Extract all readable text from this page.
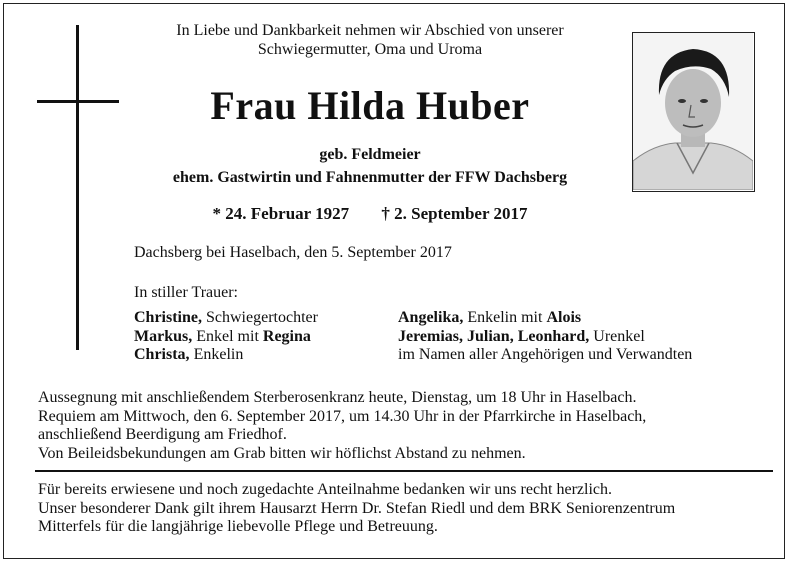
In Liebe und Dankbarkeit nehmen wir Abschied von unserer
Schwiegermutter, Oma und Uroma
Frau Hilda Huber
geb. Feldmeier
ehem. Gastwirtin und Fahnenmutter der FFW Dachsberg
* 24. Februar 1927 † 2. September 2017
Dachsberg bei Haselbach, den 5. September 2017
In stiller Trauer:
Christine, Schwiegertochter
Markus, Enkel mit Regina
Christa, Enkelin
Angelika, Enkelin mit Alois
Jeremias, Julian, Leonhard, Urenkel
im Namen aller Angehörigen und Verwandten
Aussegnung mit anschließendem Sterberosenkranz heute, Dienstag, um 18 Uhr in Haselbach.
Requiem am Mittwoch, den 6. September 2017, um 14.30 Uhr in der Pfarrkirche in Haselbach,
anschließend Beerdigung am Friedhof.
Von Beileidsbekundungen am Grab bitten wir höflichst Abstand zu nehmen.
Für bereits erwiesene und noch zugedachte Anteilnahme bedanken wir uns recht herzlich.
Unser besonderer Dank gilt ihrem Hausarzt Herrn Dr. Stefan Riedl und dem BRK Seniorenzentrum
Mitterfels für die langjährige liebevolle Pflege und Betreuung.
